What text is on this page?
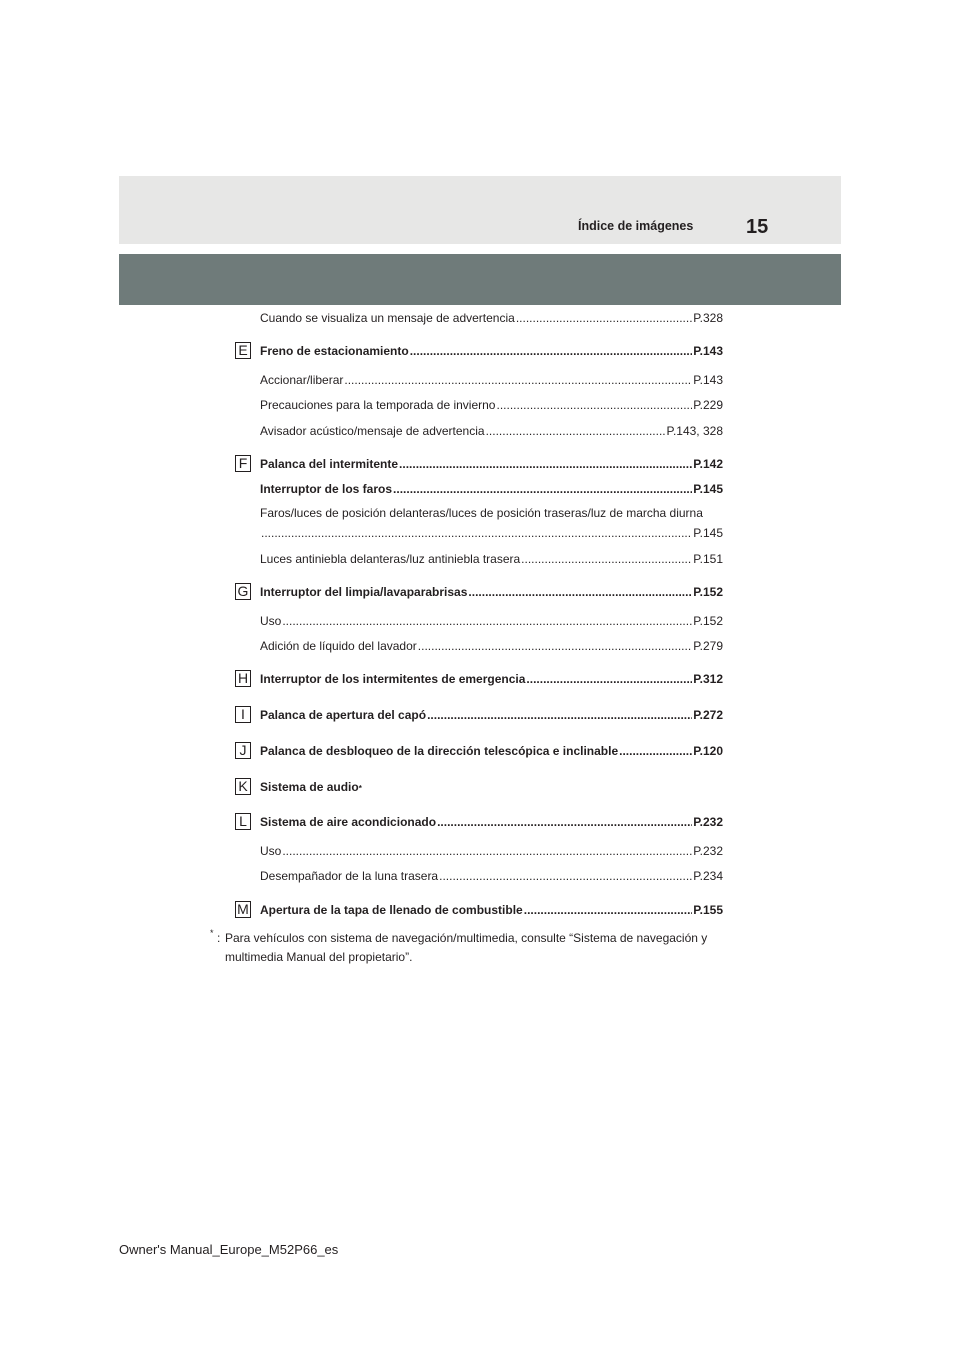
Índice de imágenes	15
Cuando se visualiza un mensaje de advertencia .....	P.328
E Freno de estacionamiento .....	P.143
Accionar/liberar .....	P.143
Precauciones para la temporada de invierno .....	P.229
Avisador acústico/mensaje de advertencia .....	P.143, 328
F	Palanca del intermitente .....	P.142
Interruptor de los faros .....	P.145
Faros/luces de posición delanteras/luces de posición traseras/luz de marcha diurna
.....
P.145
Luces antiniebla delanteras/luz antiniebla trasera .....	P.151
G Interruptor del limpia/lavaparabrisas .....	P.152
Uso .....	P.152
Adición de líquido del lavador .....	P.279
H Interruptor de los intermitentes de emergencia .....	P.312
I	Palanca de apertura del capó .....	P.272
J	Palanca de desbloqueo de la dirección telescópica e inclinable .....	P.120
K Sistema de audio *
L	Sistema de aire acondicionado .....	P.232
Uso .....	P.232
Desempañador de la luna trasera .....	P.234
M Apertura de la tapa de llenado de combustible .....	P.155
* : Para vehículos con sistema de navegación/multimedia, consulte “Sistema de navegación y multimedia Manual del propietario”.
Owner's Manual_Europe_M52P66_es
